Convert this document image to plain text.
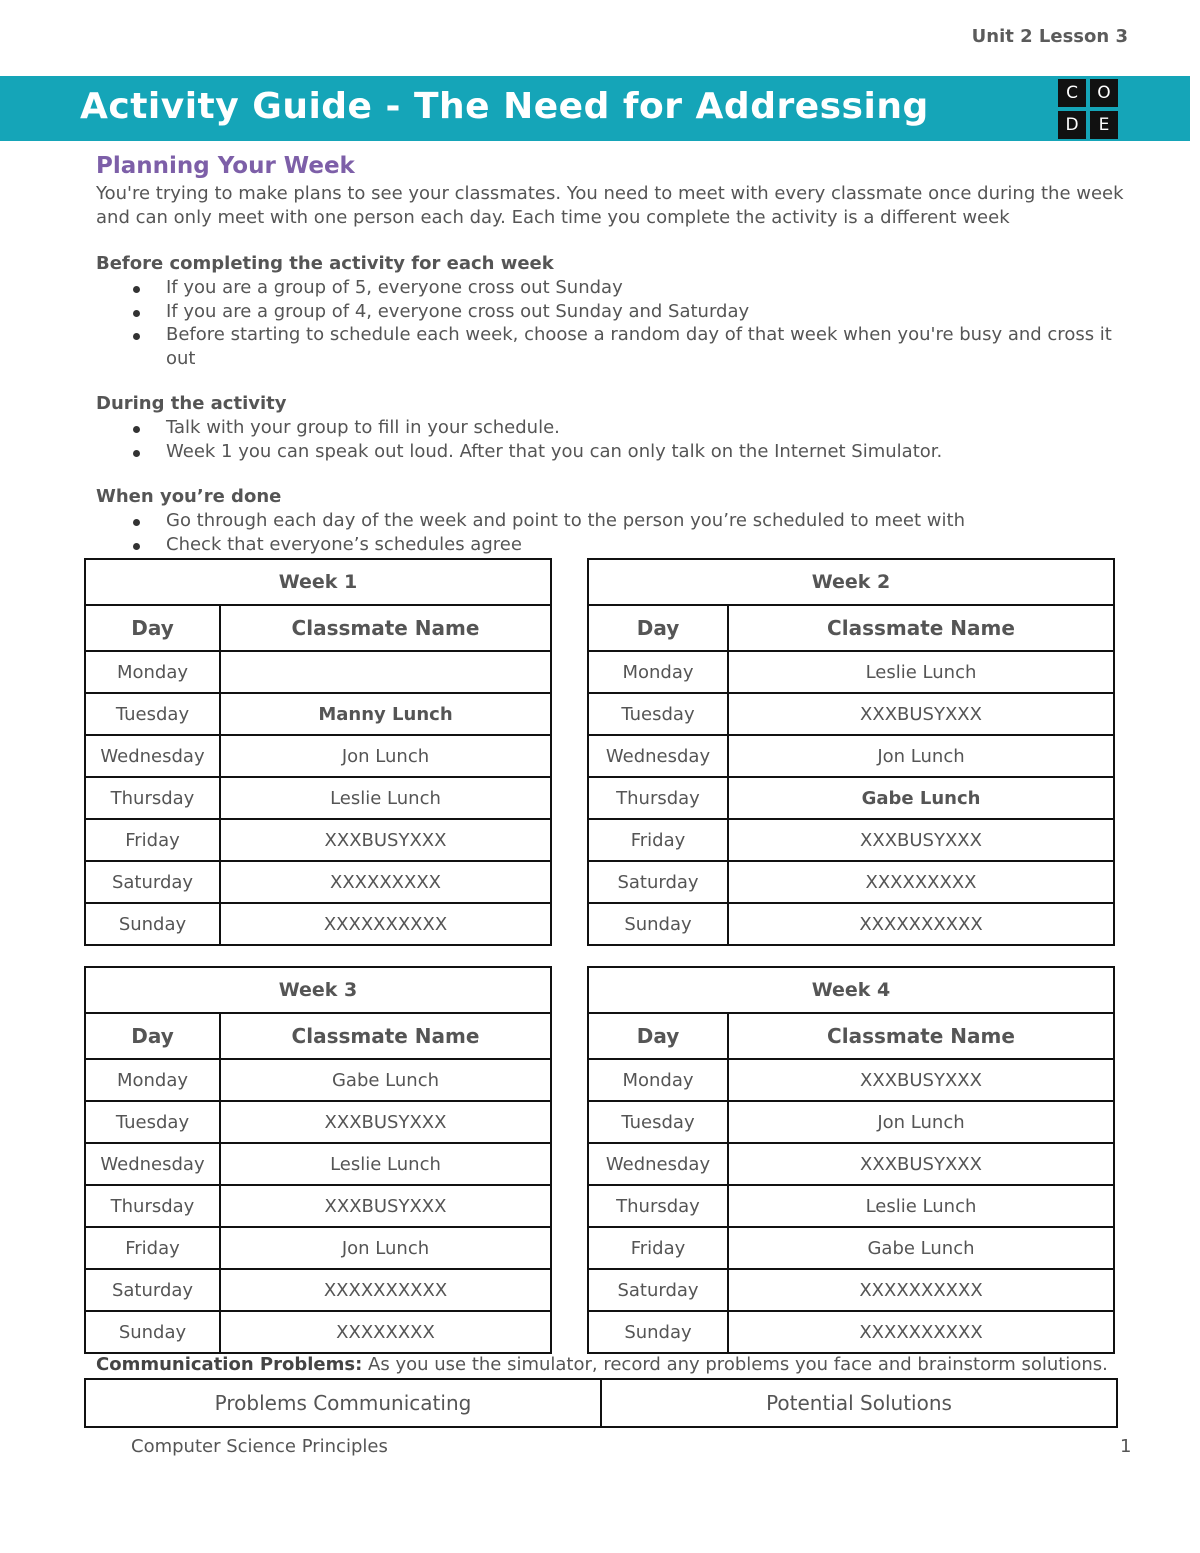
Unit 2 Lesson 3
Activity Guide - The Need for Addressing	C	O
D	E
Planning Your Week

You're trying to make plans to see your classmates. You need to meet with every classmate once during the week and can only meet with one person each day. Each time you complete the activity is a different week

Before completing the activity for each week
If you are a group of 5, everyone cross out Sunday
If you are a group of 4, everyone cross out Sunday and Saturday
Before starting to schedule each week, choose a random day of that week when you're busy and cross it out
During the activity
Talk with your group to fill in your schedule.
Week 1 you can speak out loud. After that you can only talk on the Internet Simulator.
When you’re done
Go through each day of the week and point to the person you’re scheduled to meet with
Check that everyone’s schedules agree
Week 1	
Day	Classmate Name
Monday	
Tuesday	Manny Lunch
Wednesday	Jon Lunch
Thursday	Leslie Lunch
Friday	XXXBUSYXXX
Saturday	XXXXXXXXX
Sunday	XXXXXXXXXX
Week 2	
Day	Classmate Name
Monday	Leslie Lunch
Tuesday	XXXBUSYXXX
Wednesday	Jon Lunch
Thursday	Gabe Lunch
Friday	XXXBUSYXXX
Saturday	XXXXXXXXX
Sunday	XXXXXXXXXX
Week 3	
Day	Classmate Name
Monday	Gabe Lunch
Tuesday	XXXBUSYXXX
Wednesday	Leslie Lunch
Thursday	XXXBUSYXXX
Friday	Jon Lunch
Saturday	XXXXXXXXXX
Sunday	XXXXXXXX
Week 4	
Day	Classmate Name
Monday	XXXBUSYXXX
Tuesday	Jon Lunch
Wednesday	XXXBUSYXXX
Thursday	Leslie Lunch
Friday	Gabe Lunch
Saturday	XXXXXXXXXX
Sunday	XXXXXXXXXX
Communication Problems: As you use the simulator, record any problems you face and brainstorm solutions.
Problems Communicating	Potential Solutions
Computer Science Principles	1
